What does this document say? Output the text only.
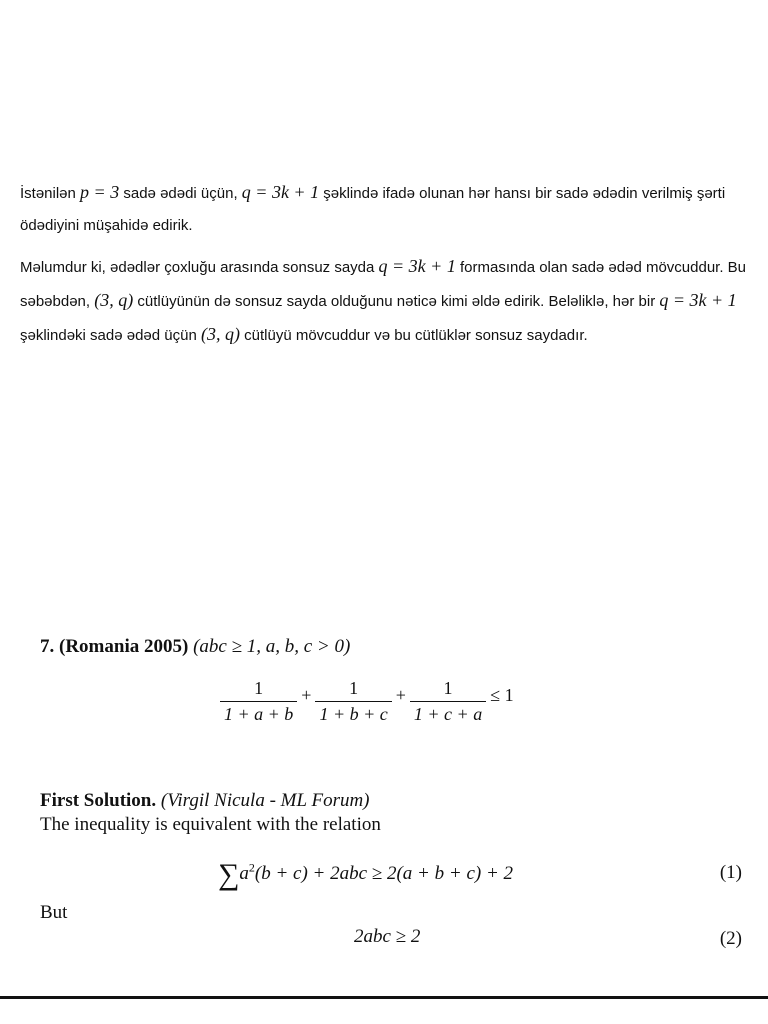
İstənilən p = 3 sadə ədədi üçün, q = 3k + 1 şəklində ifadə olunan hər hansı bir sadə ədədin verilmiş şərti ödədiyini müşahidə edirik.

Məlumdur ki, ədədlər çoxluğu arasında sonsuz sayda q = 3k + 1 formasında olan sadə ədəd mövcuddur. Bu səbəbdən, (3, q) cütlüyünün də sonsuz sayda olduğunu nəticə kimi əldə edirik. Beləliklə, hər bir q = 3k + 1 şəklindəki sadə ədəd üçün (3, q) cütlüyü mövcuddur və bu cütlüklər sonsuz saydadır.

7. (Romania 2005) (abc ≥ 1, a, b, c > 0)
$\frac{1}{1 + a + b} + \frac{1}{1 + b + c} + \frac{1}{1 + c + a} \le 1$
First Solution. (Virgil Nicula - ML Forum)
The inequality is equivalent with the relation
$\sum a^2(b + c) + 2abc \ge 2(a + b + c) + 2$	(1)
But
2abc ≥ 2	(2)
